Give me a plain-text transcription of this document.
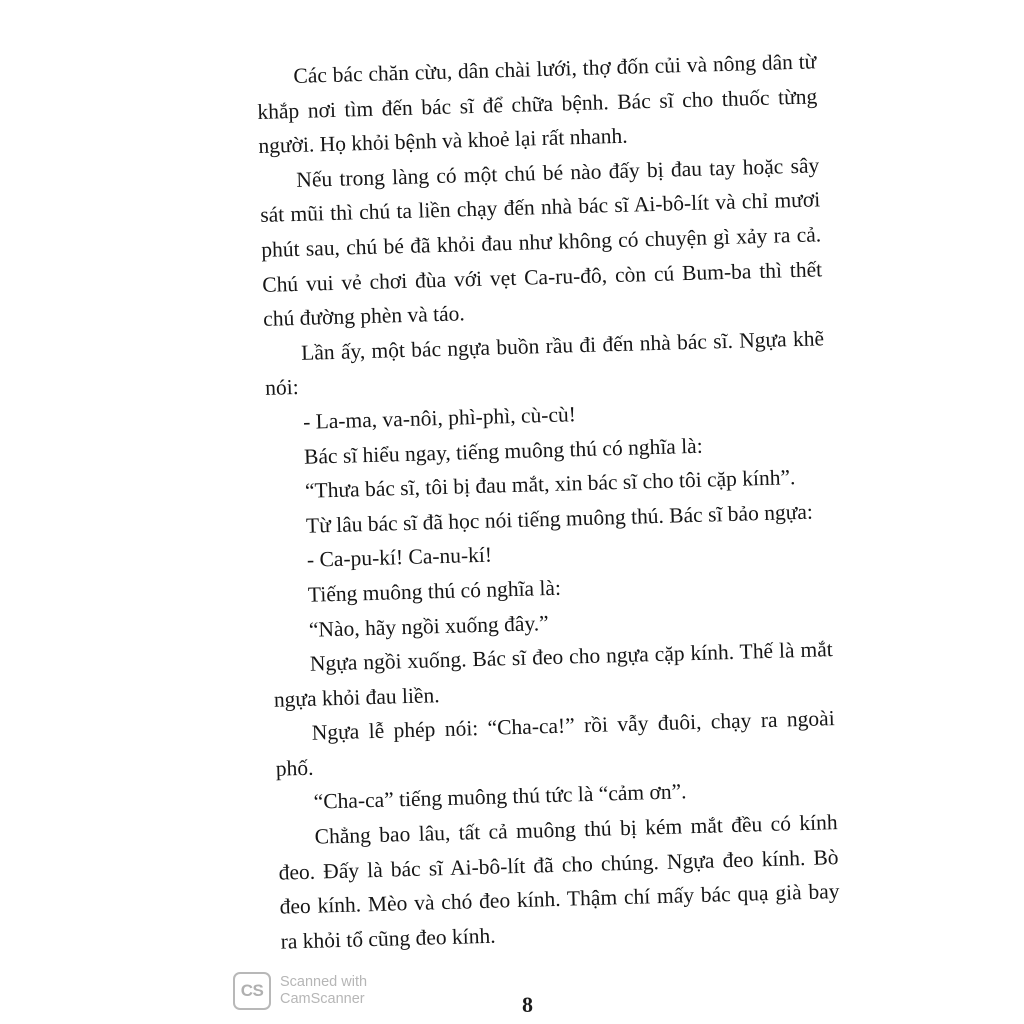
Các bác chăn cừu, dân chài lưới, thợ đốn củi và nông dân từ khắp nơi tìm đến bác sĩ để chữa bệnh. Bác sĩ cho thuốc từng người. Họ khỏi bệnh và khoẻ lại rất nhanh.

Nếu trong làng có một chú bé nào đấy bị đau tay hoặc sây sát mũi thì chú ta liền chạy đến nhà bác sĩ Ai-bô-lít và chỉ mươi phút sau, chú bé đã khỏi đau như không có chuyện gì xảy ra cả. Chú vui vẻ chơi đùa với vẹt Ca-ru-đô, còn cú Bum-ba thì thết chú đường phèn và táo.

Lần ấy, một bác ngựa buồn rầu đi đến nhà bác sĩ. Ngựa khẽ nói:

- La-ma, va-nôi, phì-phì, cù-cù!

Bác sĩ hiểu ngay, tiếng muông thú có nghĩa là:

“Thưa bác sĩ, tôi bị đau mắt, xin bác sĩ cho tôi cặp kính”.

Từ lâu bác sĩ đã học nói tiếng muông thú. Bác sĩ bảo ngựa:

- Ca-pu-kí! Ca-nu-kí!

Tiếng muông thú có nghĩa là:

“Nào, hãy ngồi xuống đây.”

Ngựa ngồi xuống. Bác sĩ đeo cho ngựa cặp kính. Thế là mắt ngựa khỏi đau liền.

Ngựa lễ phép nói: “Cha-ca!” rồi vẫy đuôi, chạy ra ngoài phố.

“Cha-ca” tiếng muông thú tức là “cảm ơn”.

Chẳng bao lâu, tất cả muông thú bị kém mắt đều có kính đeo. Đấy là bác sĩ Ai-bô-lít đã cho chúng. Ngựa đeo kính. Bò đeo kính. Mèo và chó đeo kính. Thậm chí mấy bác quạ già bay ra khỏi tổ cũng đeo kính.

CS	Scanned with
CamScanner	8
